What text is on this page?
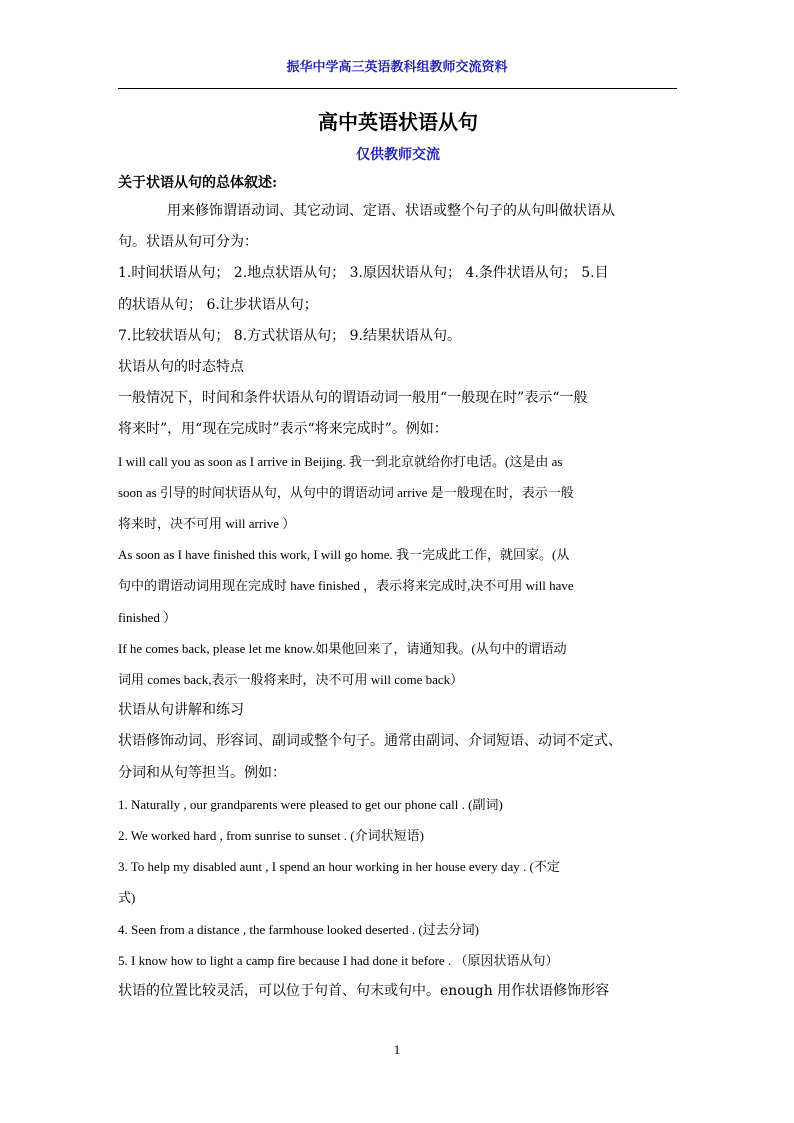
振华中学高三英语教科组教师交流资料
高中英语状语从句
仅供教师交流
关于状语从句的总体叙述:
用来修饰谓语动词、其它动词、定语、状语或整个句子的从句叫做状语从
句。状语从句可分为：
1.时间状语从句； 2.地点状语从句； 3.原因状语从句； 4.条件状语从句； 5.目
的状语从句； 6.让步状语从句；
7.比较状语从句； 8.方式状语从句； 9.结果状语从句。
状语从句的时态特点
一般情况下，时间和条件状语从句的谓语动词一般用“一般现在时”表示“一般
将来时”，用“现在完成时”表示“将来完成时”。例如：
I will call you as soon as I arrive in Beijing. 我一到北京就给你打电话。(这是由 as
soon as 引导的时间状语从句，从句中的谓语动词 arrive 是一般现在时，表示一般
将来时，决不可用 will arrive ）
As soon as I have finished this work, I will go home. 我一完成此工作，就回家。(从
句中的谓语动词用现在完成时 have finished ，表示将来完成时,决不可用 will have
finished ）
If he comes back, please let me know.如果他回来了，请通知我。(从句中的谓语动
词用 comes back,表示一般将来时，决不可用 will come back）
状语从句讲解和练习
状语修饰动词、形容词、副词或整个句子。通常由副词、介词短语、动词不定式、
分词和从句等担当。例如：
1. Naturally , our grandparents were pleased to get our phone call . (副词)
2. We worked hard , from sunrise to sunset . (介词状短语)
3. To help my disabled aunt , I spend an hour working in her house every day . (不定
式)
4. Seen from a distance , the farmhouse looked deserted . (过去分词)
5. I know how to light a camp fire because I had done it before . （原因状语从句）
状语的位置比较灵活，可以位于句首、句末或句中。enough 用作状语修饰形容
1
